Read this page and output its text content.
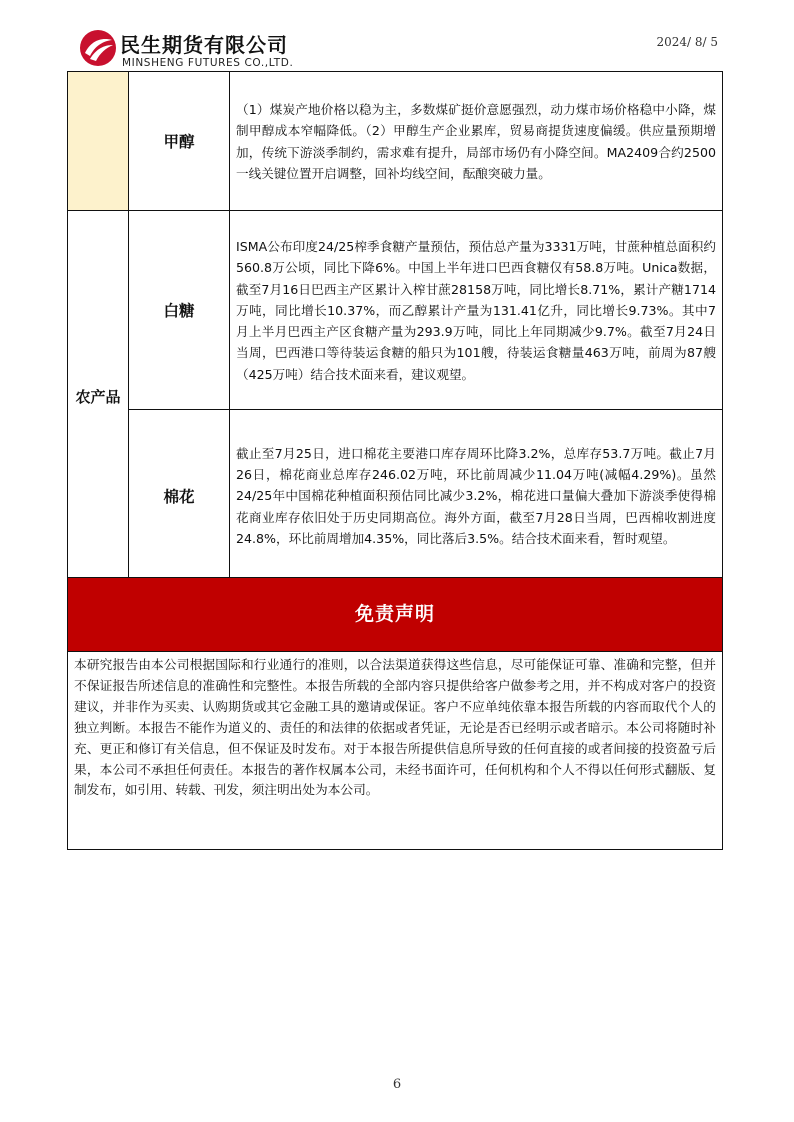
民生期货有限公司
MINSHENG FUTURES CO.,LTD.
2024/ 8/ 5
	甲醇	（1）煤炭产地价格以稳为主，多数煤矿挺价意愿强烈，动力煤市场价格稳中小降，煤制甲醇成本窄幅降低。（2）甲醇生产企业累库，贸易商提货速度偏缓。供应量预期增加，传统下游淡季制约，需求难有提升，局部市场仍有小降空间。MA2409合约2500一线关键位置开启调整，回补均线空间，酝酿突破力量。
农产品	白糖	ISMA公布印度24/25榨季食糖产量预估，预估总产量为3331万吨，甘蔗种植总面积约560.8万公顷，同比下降6%。中国上半年进口巴西食糖仅有58.8万吨。Unica数据，截至7月16日巴西主产区累计入榨甘蔗28158万吨，同比增长8.71%，累计产糖1714万吨，同比增长10.37%，而乙醇累计产量为131.41亿升，同比增长9.73%。其中7月上半月巴西主产区食糖产量为293.9万吨，同比上年同期减少9.7%。截至7月24日当周，巴西港口等待装运食糖的船只为101艘，待装运食糖量463万吨，前周为87艘（425万吨）结合技术面来看，建议观望。
	棉花	截止至7月25日，进口棉花主要港口库存周环比降3.2%，总库存53.7万吨。截止7月26日，棉花商业总库存246.02万吨，环比前周减少11.04万吨(减幅4.29%)。虽然24/25年中国棉花种植面积预估同比减少3.2%，棉花进口量偏大叠加下游淡季使得棉花商业库存依旧处于历史同期高位。海外方面，截至7月28日当周，巴西棉收割进度24.8%，环比前周增加4.35%，同比落后3.5%。结合技术面来看，暂时观望。
免责声明
本研究报告由本公司根据国际和行业通行的准则，以合法渠道获得这些信息，尽可能保证可靠、准确和完整，但并不保证报告所述信息的准确性和完整性。本报告所载的全部内容只提供给客户做参考之用，并不构成对客户的投资建议，并非作为买卖、认购期货或其它金融工具的邀请或保证。客户不应单纯依靠本报告所载的内容而取代个人的独立判断。本报告不能作为道义的、责任的和法律的依据或者凭证，无论是否已经明示或者暗示。本公司将随时补充、更正和修订有关信息，但不保证及时发布。对于本报告所提供信息所导致的任何直接的或者间接的投资盈亏后果，本公司不承担任何责任。本报告的著作权属本公司，未经书面许可，任何机构和个人不得以任何形式翻版、复制发布，如引用、转载、刊发，须注明出处为本公司。
6
